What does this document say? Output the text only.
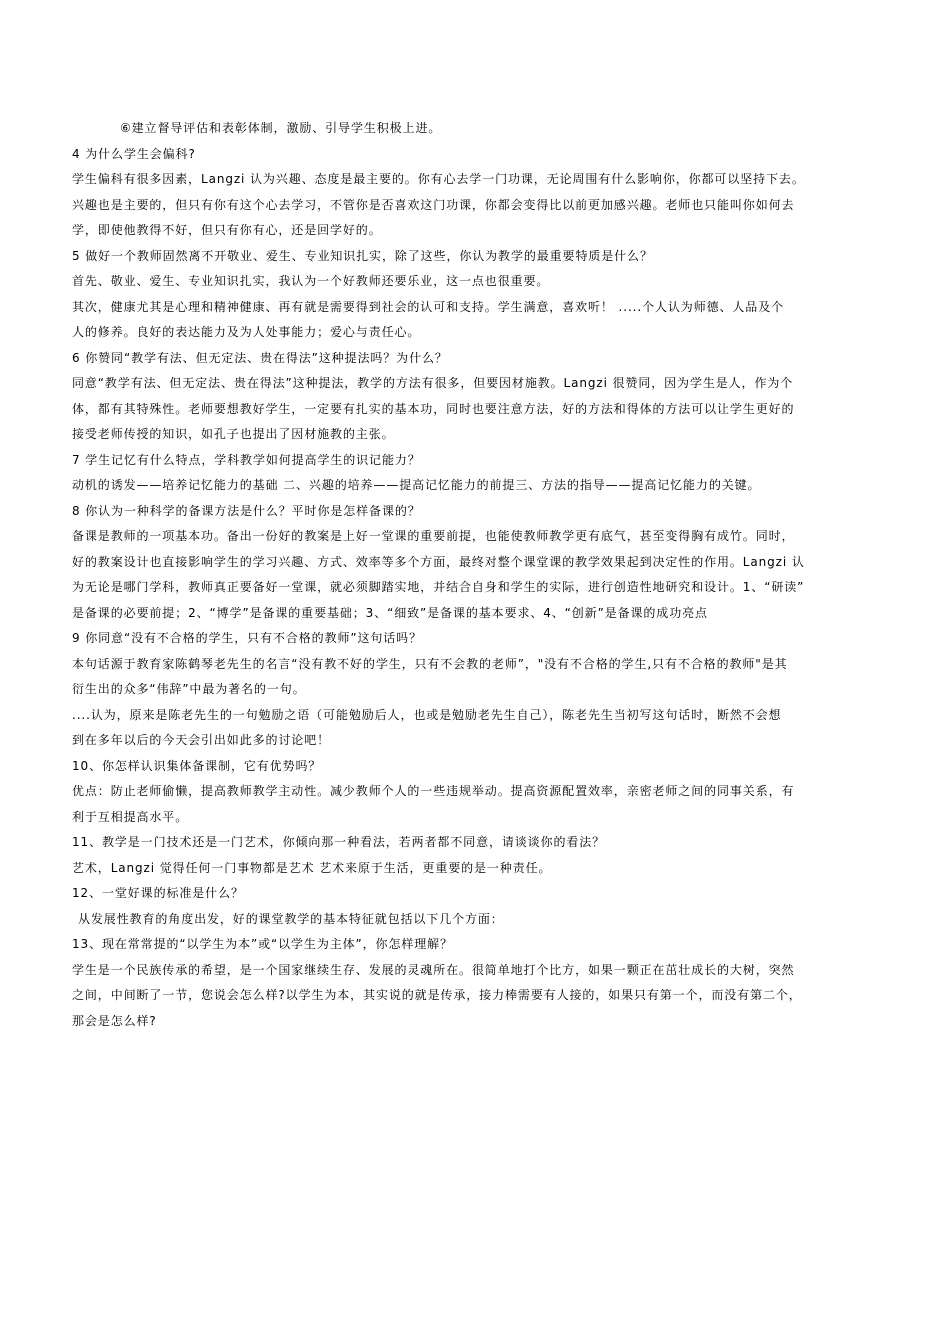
⑥建立督导评估和表彰体制，激励、引导学生积极上进。
4 为什么学生会偏科?
学生偏科有很多因素，Langzi 认为兴趣、态度是最主要的。你有心去学一门功课，无论周围有什么影响你，你都可以坚持下去。
兴趣也是主要的，但只有你有这个心去学习，不管你是否喜欢这门功课，你都会变得比以前更加感兴趣。老师也只能叫你如何去
学，即使他教得不好，但只有你有心，还是回学好的。
5 做好一个教师固然离不开敬业、爱生、专业知识扎实，除了这些，你认为教学的最重要特质是什么？
首先、敬业、爱生、专业知识扎实，我认为一个好教师还要乐业，这一点也很重要。
其次，健康尤其是心理和精神健康、再有就是需要得到社会的认可和支持。学生满意，喜欢听！ .....个人认为师德、人品及个
人的修养。良好的表达能力及为人处事能力；爱心与责任心。
6 你赞同“教学有法、但无定法、贵在得法”这种提法吗？为什么？
同意“教学有法、但无定法、贵在得法”这种提法，教学的方法有很多，但要因材施教。Langzi 很赞同，因为学生是人，作为个
体，都有其特殊性。老师要想教好学生，一定要有扎实的基本功，同时也要注意方法，好的方法和得体的方法可以让学生更好的
接受老师传授的知识，如孔子也提出了因材施教的主张。
7 学生记忆有什么特点，学科教学如何提高学生的识记能力？
动机的诱发——培养记忆能力的基础 二、兴趣的培养——提高记忆能力的前提三、方法的指导——提高记忆能力的关键。
8 你认为一种科学的备课方法是什么？平时你是怎样备课的？
备课是教师的一项基本功。备出一份好的教案是上好一堂课的重要前提，也能使教师教学更有底气，甚至变得胸有成竹。同时，
好的教案设计也直接影响学生的学习兴趣、方式、效率等多个方面，最终对整个课堂课的教学效果起到决定性的作用。Langzi 认
为无论是哪门学科，教师真正要备好一堂课，就必须脚踏实地，并结合自身和学生的实际，进行创造性地研究和设计。1、“研读”
是备课的必要前提；2、“博学”是备课的重要基础；3、“细致”是备课的基本要求、4、“创新”是备课的成功亮点
9 你同意“没有不合格的学生，只有不合格的教师”这句话吗？
本句话源于教育家陈鹤琴老先生的名言“没有教不好的学生，只有不会教的老师”，"没有不合格的学生,只有不合格的教师"是其
衍生出的众多“伟辞”中最为著名的一句。
....认为，原来是陈老先生的一句勉励之语（可能勉励后人，也或是勉励老先生自己），陈老先生当初写这句话时，断然不会想
到在多年以后的今天会引出如此多的讨论吧！
10、你怎样认识集体备课制，它有优势吗？
优点：防止老师偷懒，提高教师教学主动性。减少教师个人的一些违规举动。提高资源配置效率，亲密老师之间的同事关系，有
利于互相提高水平。
11、教学是一门技术还是一门艺术，你倾向那一种看法，若两者都不同意，请谈谈你的看法？
艺术，Langzi 觉得任何一门事物都是艺术 艺术来原于生活，更重要的是一种责任。
12、一堂好课的标准是什么？
从发展性教育的角度出发，好的课堂教学的基本特征就包括以下几个方面：
13、现在常常提的“以学生为本”或“以学生为主体”，你怎样理解？
学生是一个民族传承的希望，是一个国家继续生存、发展的灵魂所在。很简单地打个比方，如果一颗正在茁壮成长的大树，突然
之间，中间断了一节，您说会怎么样?以学生为本，其实说的就是传承，接力棒需要有人接的，如果只有第一个，而没有第二个，
那会是怎么样?
